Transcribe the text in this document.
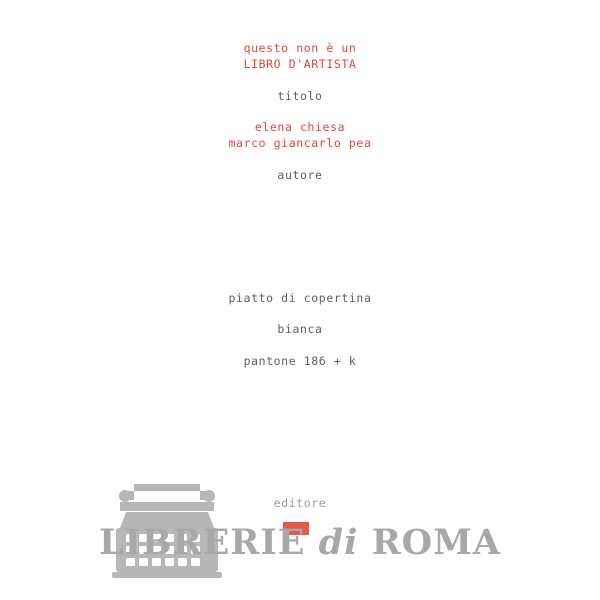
questo non è un
LIBRO D'ARTISTA
titolo
elena chiesa
marco giancarlo pea
autore
piatto di copertina
bianca
pantone 186 + k
editore
LIBRERIE di ROMA
